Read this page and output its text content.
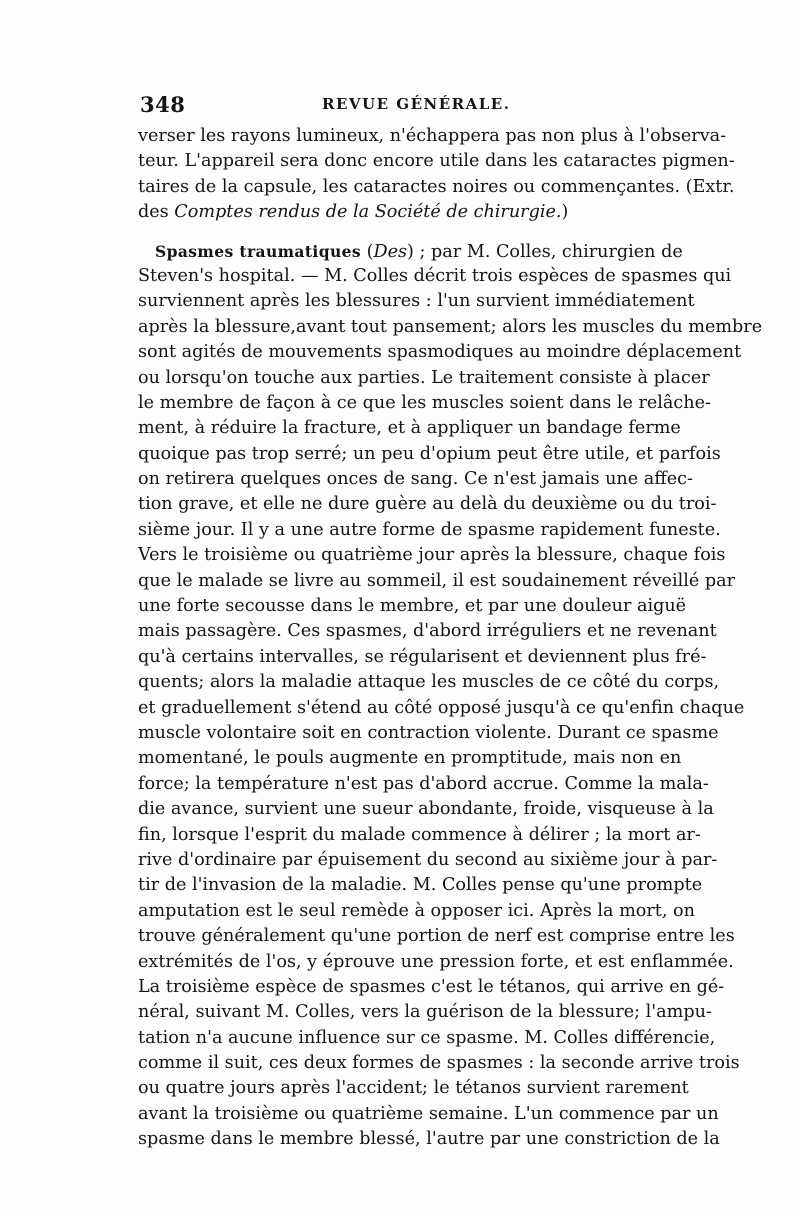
348	REVUE GÉNÉRALE.
verser les rayons lumineux, n'échappera pas non plus à l'observa-
teur. L'appareil sera donc encore utile dans les cataractes pigmen-
taires de la capsule, les cataractes noires ou commençantes. (Extr.
des Comptes rendus de la Société de chirurgie.)
Spasmes traumatiques (Des) ; par M. Colles, chirurgien de
Steven's hospital. — M. Colles décrit trois espèces de spasmes qui
surviennent après les blessures : l'un survient immédiatement
après la blessure,avant tout pansement; alors les muscles du membre
sont agités de mouvements spasmodiques au moindre déplacement
ou lorsqu'on touche aux parties. Le traitement consiste à placer
le membre de façon à ce que les muscles soient dans le relâche-
ment, à réduire la fracture, et à appliquer un bandage ferme
quoique pas trop serré; un peu d'opium peut être utile, et parfois
on retirera quelques onces de sang. Ce n'est jamais une affec-
tion grave, et elle ne dure guère au delà du deuxième ou du troi-
sième jour. Il y a une autre forme de spasme rapidement funeste.
Vers le troisième ou quatrième jour après la blessure, chaque fois
que le malade se livre au sommeil, il est soudainement réveillé par
une forte secousse dans le membre, et par une douleur aiguë
mais passagère. Ces spasmes, d'abord irréguliers et ne revenant
qu'à certains intervalles, se régularisent et deviennent plus fré-
quents; alors la maladie attaque les muscles de ce côté du corps,
et graduellement s'étend au côté opposé jusqu'à ce qu'enfin chaque
muscle volontaire soit en contraction violente. Durant ce spasme
momentané, le pouls augmente en promptitude, mais non en
force; la température n'est pas d'abord accrue. Comme la mala-
die avance, survient une sueur abondante, froide, visqueuse à la
fin, lorsque l'esprit du malade commence à délirer ; la mort ar-
rive d'ordinaire par épuisement du second au sixième jour à par-
tir de l'invasion de la maladie. M. Colles pense qu'une prompte
amputation est le seul remède à opposer ici. Après la mort, on
trouve généralement qu'une portion de nerf est comprise entre les
extrémités de l'os, y éprouve une pression forte, et est enflammée.
La troisième espèce de spasmes c'est le tétanos, qui arrive en gé-
néral, suivant M. Colles, vers la guérison de la blessure; l'ampu-
tation n'a aucune influence sur ce spasme. M. Colles différencie,
comme il suit, ces deux formes de spasmes : la seconde arrive trois
ou quatre jours après l'accident; le tétanos survient rarement
avant la troisième ou quatrième semaine. L'un commence par un
spasme dans le membre blessé, l'autre par une constriction de la
